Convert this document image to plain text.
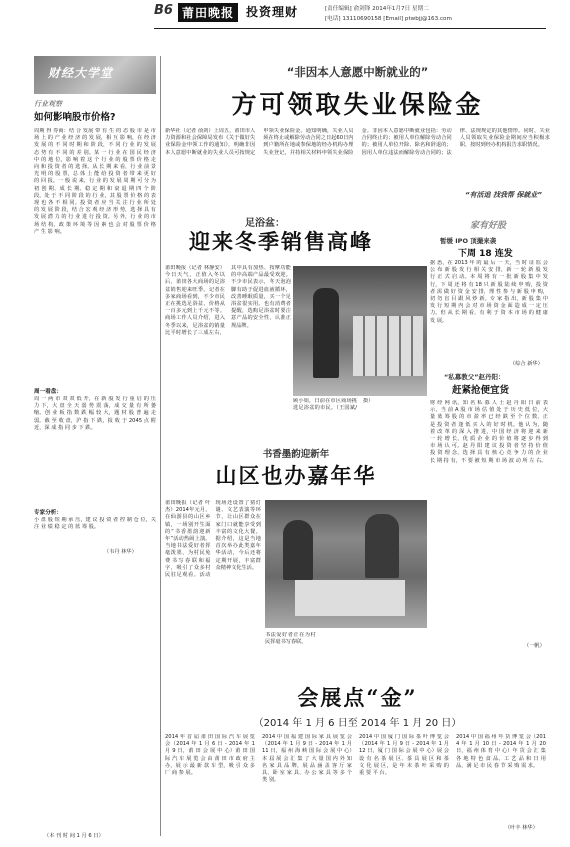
B6 莆田晚报 投资理财	[责任编辑] 俞剑锋 2014年1月7日 星期二
[电话] 13110690158 [Email] ptwbjj@163.com
财经大学堂
行业观察
如何影响股市价格?
周期 得 券商：结 合 发展 带 有 生 的 态 股 市 是 市 场 上 的 产 业 经 济 的 发 展，相 互 影 响。在 经 济 发 展 的 不 同 时 期 和 阶 段，不 同 行 业 的 发 展 态 势 有 不 同 的 差 别。某 一 行 业 在 国 民 经 济 中 的 地 位，影 响 着 这 个 行 业 的 股 票 价 格 走 向 和 投 资 者 的 选 择。从 长 期 来 看，行 业 前 景 光 明 的 股 票，总 体 上 能 给 投 资 者 带 来 更 好 的 回 报。一 般 说 来，行 业 的 发 展 周 期 可 分 为 初 创 期、成 长 期、稳 定 期 和 衰 退 期 四 个 阶 段。处 于 不 同 阶 段 的 行 业，其 股 票 价 格 的 表 现 也 各 不 相 同。投 资 者 应 当 关 注 行 业 所 处 的 发 展 阶 段，结 合 宏 观 经 济 形 势，选 择 具 有 发 展 潜 力 的 行 业 进 行 投 资。另 外，行 业 的 市 场 结 构、政 策 环 境 等 因 素 也 会 对 股 票 价 格 产 生 影 响。
周一看盘：
周 一 两 市 双 双 低 开，在 新 股 发 行 重 启 的 压 力 下，大 盘 全 天 弱 势 震 荡，成 交 量 有 所 萎 缩。创 业 板 指 数 跌 幅 较 大，题 材 股 普 遍 走 弱。截 至 收 盘，沪 指 下 跌，报 收 于 2045 点 附 近，深 成 指 同 步 下 跌。
专家分析：
小 盘 股 短 期 承 压，建 议 投 资 者 控 制 仓 位，关 注 业 绩 稳 定 的 蓝 筹 股。
（韦丹 林华）
（本 刊 时 间 1 月 6 日）
“非因本人意愿中断就业的”
方可领取失业保险金
新华社（记者 俞剑）上周五，莆田市人力资源和社会保障局发布《关于做好失业保险金申领工作的通知》，明确非因本人意愿中断就业的失业人员可按规定申领失业保险金。通知明确，失业人员须在终止或解除劳动合同之日起60日内到户籍所在地或参保地的经办机构办理失业登记，并持相关材料申领失业保险金。非因本人意愿中断就业包括：劳动合同终止的；被用人单位解除劳动合同的；被用人单位开除、除名和辞退的；因用人单位违法而解除劳动合同的；法律、法规规定的其他情形。同时，失业人员领取失业保险金期间应当积极求职，按时到经办机构报告求职情况。
“有活追 找我帮 保就业”
足浴盆：
迎来冬季销售高峰
莆田晚报（记者 林静安）今日天气，正值入冬以后，莆田各大商场的足浴盆销售迎来旺季。记者在多家商场看到，不少市民正在挑选足浴盆，价格从一百多元到上千元不等。商场工作人员介绍，进入冬季以来，足浴盆的销量比平时增长了三成左右，其中具有加热、按摩功能的中高端产品最受欢迎。不少市民表示，冬天泡泡脚有助于促进血液循环，改善睡眠质量，买一个足浴盆很实用。也有消费者提醒，选购足浴盆时要注意产品的安全性，认准正规品牌。
顾小姐，日前在市区商场挑选足浴盆的市民。（王国斌/摄）
家有好股
暂缓 IPO 顶撮来袭
下周 18 连发
据 悉，在 2013 年 的 最 后 一 天，当 时 证 监 会 公 布 新 股 发 行 相 关 安 排，新 一 轮 新 股 发 行 正 式 启 动。本 周 将 有 一 批 新 股 集 中 发 行，下 周 还 将 有 18 只 新 股 陆 续 申 购，投 资 者 需 做 好 资 金 安 排，理 性 参 与 新 股 申 购，切 勿 盲 目 跟 风 炒 新。专 家 指 出，新 股 集 中 发 行 短 期 内 会 对 市 场 资 金 面 造 成 一 定 压 力，但 从 长 期 看，有 利 于 资 本 市 场 的 健 康 发 展。
（综合 新华）
“私募教父”赵丹阳：
赶紧抢便宜货
财 经 网 讯，知 名 私 募 人 士 赵 丹 阳 日 前 表 示，当 前 A 股 市 场 估 值 处 于 历 史 低 位，大 量 蓝 筹 股 的 市 盈 率 已 经 跌 至 个 位 数，正 是 投 资 者 逢 低 买 入 的 好 时 机。他 认 为，随 着 改 革 的 深 入 推 进，中 国 经 济 将 迎 来 新 一 轮 增 长，优 质 企 业 的 价 值 将 逐 步 得 到 市 场 认 可。赵 丹 阳 建 议 投 资 者 坚 持 价 值 投 资 理 念，选 择 具 有 核 心 竞 争 力 的 企 业 长 期 持 有，不 要 被 短 期 市 场 波 动 所 左 右。
（一帆）
书香墨韵迎新年
山区也办嘉年华
莆田晚报（记者 叶杰）2014年元月，在仙游县的山区乡镇，一场别开生面的“书香墨韵迎新年”活动热闹上演。当地书法爱好者挥毫泼墨，为村民免费书写春联和福字，吸引了众多村民驻足观看。活动现场还设置了猜灯谜、文艺表演等环节，让山区群众在家门口就能享受到丰富的文化大餐。据介绍，这是当地首次举办此类嘉年华活动，今后还将定期开展，丰富群众精神文化生活。
书法爱好者正在为村民挥毫书写春联。
会展点“金”
（2014 年 1 月 6 日至 2014 年 1 月 20 日）
2014 年 首 届 莆 田 国 际 汽 车 展 览 会（2014 年 1 月 6 日 - 2014 年 1 月 9 日，莆 田 会 展 中 心）莆 田 国 际 汽 车 展 览 会 由 莆 田 市 政 府 主 办，展 示 最 新 款 车 型，吸 引 众 多 厂 商 参 展。
2014 中 国 福 建 国 际 家 具 展 览 会（2014 年 1 月 9 日 - 2014 年 1 月 11 日，福 州 海 峡 国 际 会 展 中 心）本 届 展 会 汇 集 了 大 量 国 内 外 知 名 家 具 品 牌，展 品 涵 盖 客 厅 家 具、卧 室 家 具、办 公 家 具 等 多 个 类 别。
2014 中 国 厦 门 国 际 茶 叶 博 览 会（2014 年 1 月 9 日 - 2014 年 1 月 12 日，厦 门 国 际 会 展 中 心）展 会 设 有 名 茶 展 区、茶 具 展 区 和 茶 文 化 展 区，是 年 末 茶 叶 采 购 的 重 要 平 台。
2014 中 国 福 州 年 货 博 览 会（2014 年 1 月 10 日 - 2014 年 1 月 20 日，福 州 体 育 中 心）年 货 会 汇 集 各 地 特 色 食 品、工 艺 品 和 日 用 品，满 足 市 民 春 节 采 购 需 求。
（叶丰 林华）
